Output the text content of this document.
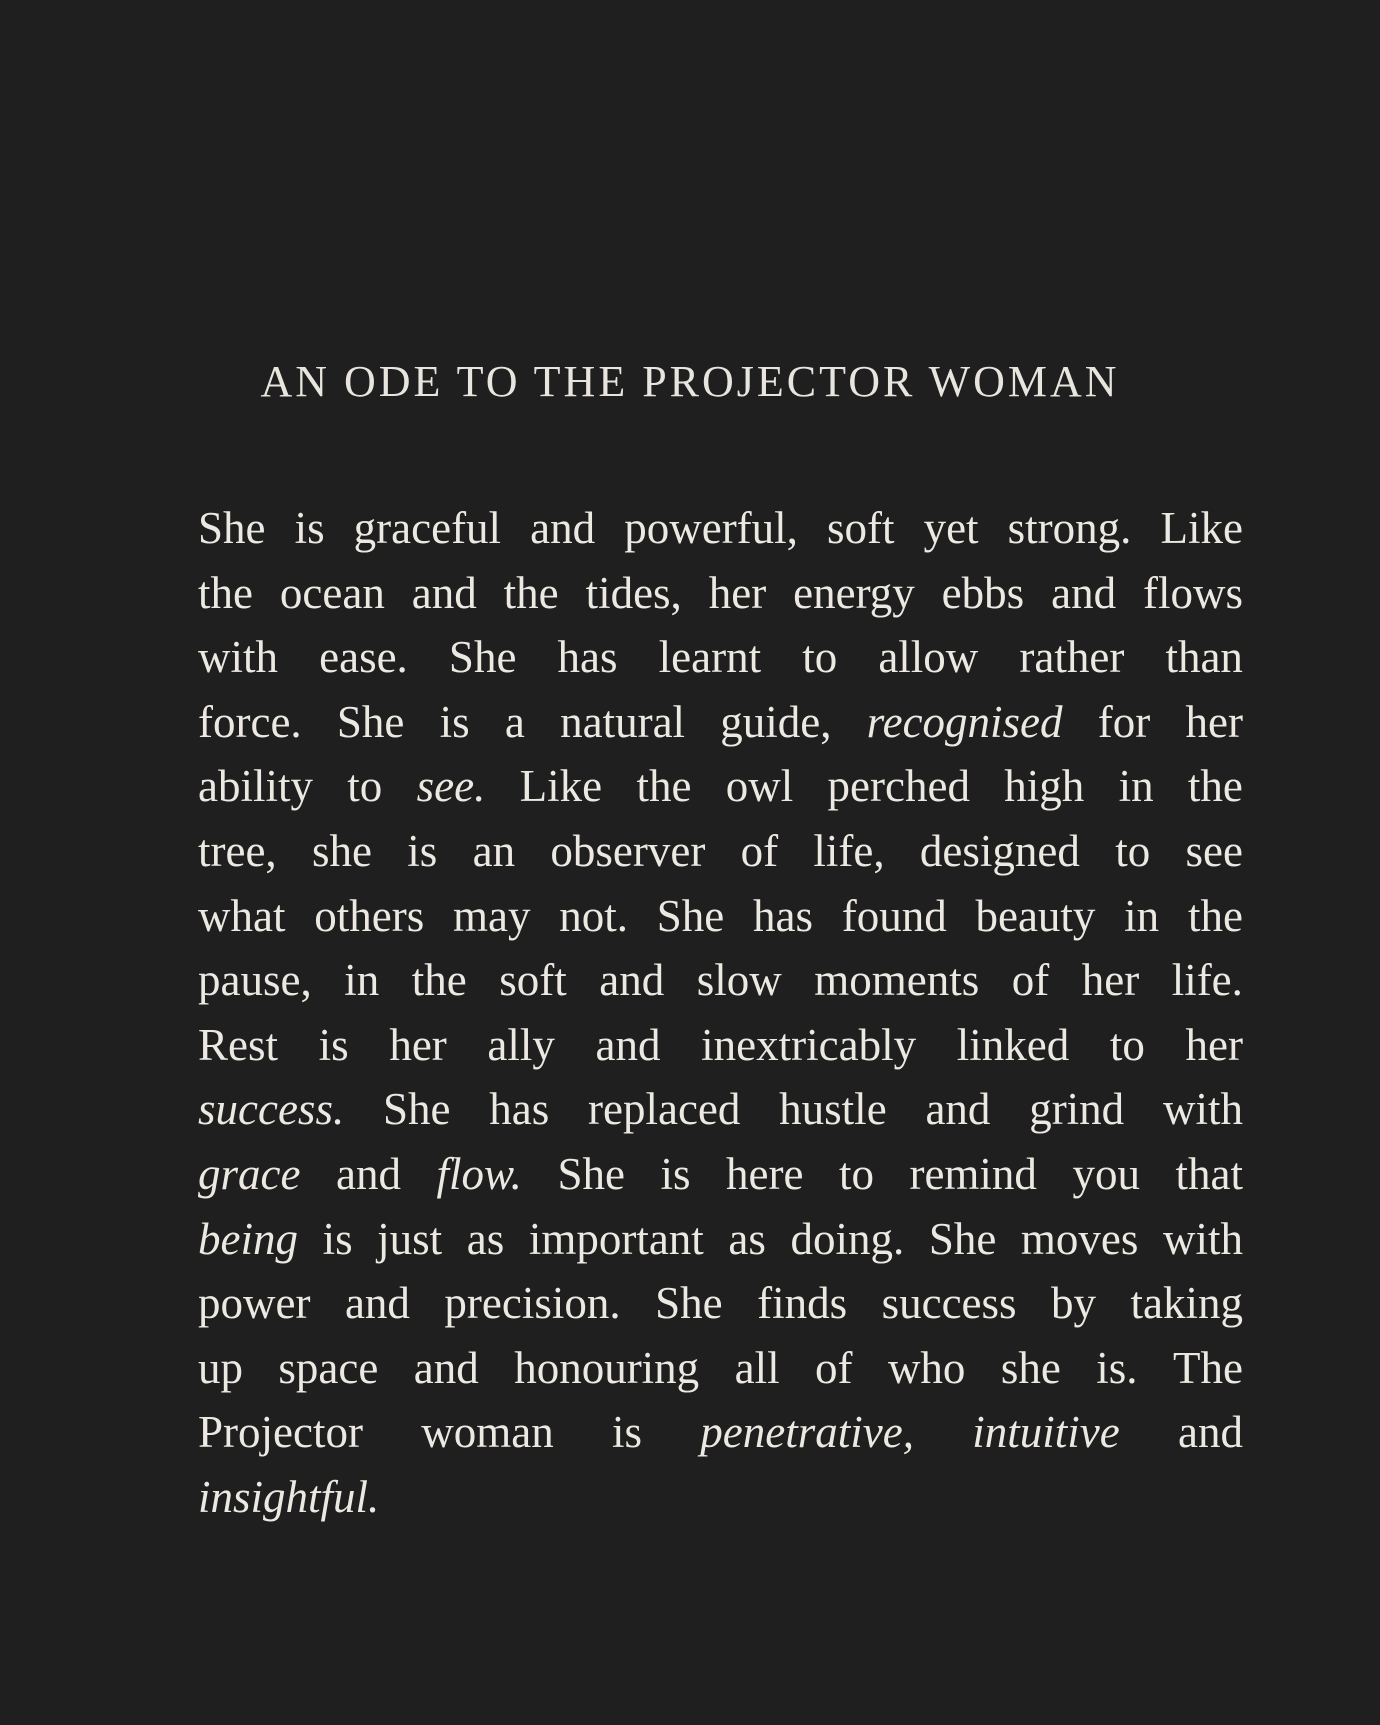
AN ODE TO THE PROJECTOR WOMAN
She is graceful and powerful, soft yet strong. Like
the ocean and the tides, her energy ebbs and flows
with ease. She has learnt to allow rather than
force. She is a natural guide, recognised for her
ability to see. Like the owl perched high in the
tree, she is an observer of life, designed to see
what others may not. She has found beauty in the
pause, in the soft and slow moments of her life.
Rest is her ally and inextricably linked to her
success. She has replaced hustle and grind with
grace and flow. She is here to remind you that
being is just as important as doing. She moves with
power and precision. She finds success by taking
up space and honouring all of who she is. The
Projector woman is penetrative, intuitive and
insightful.
